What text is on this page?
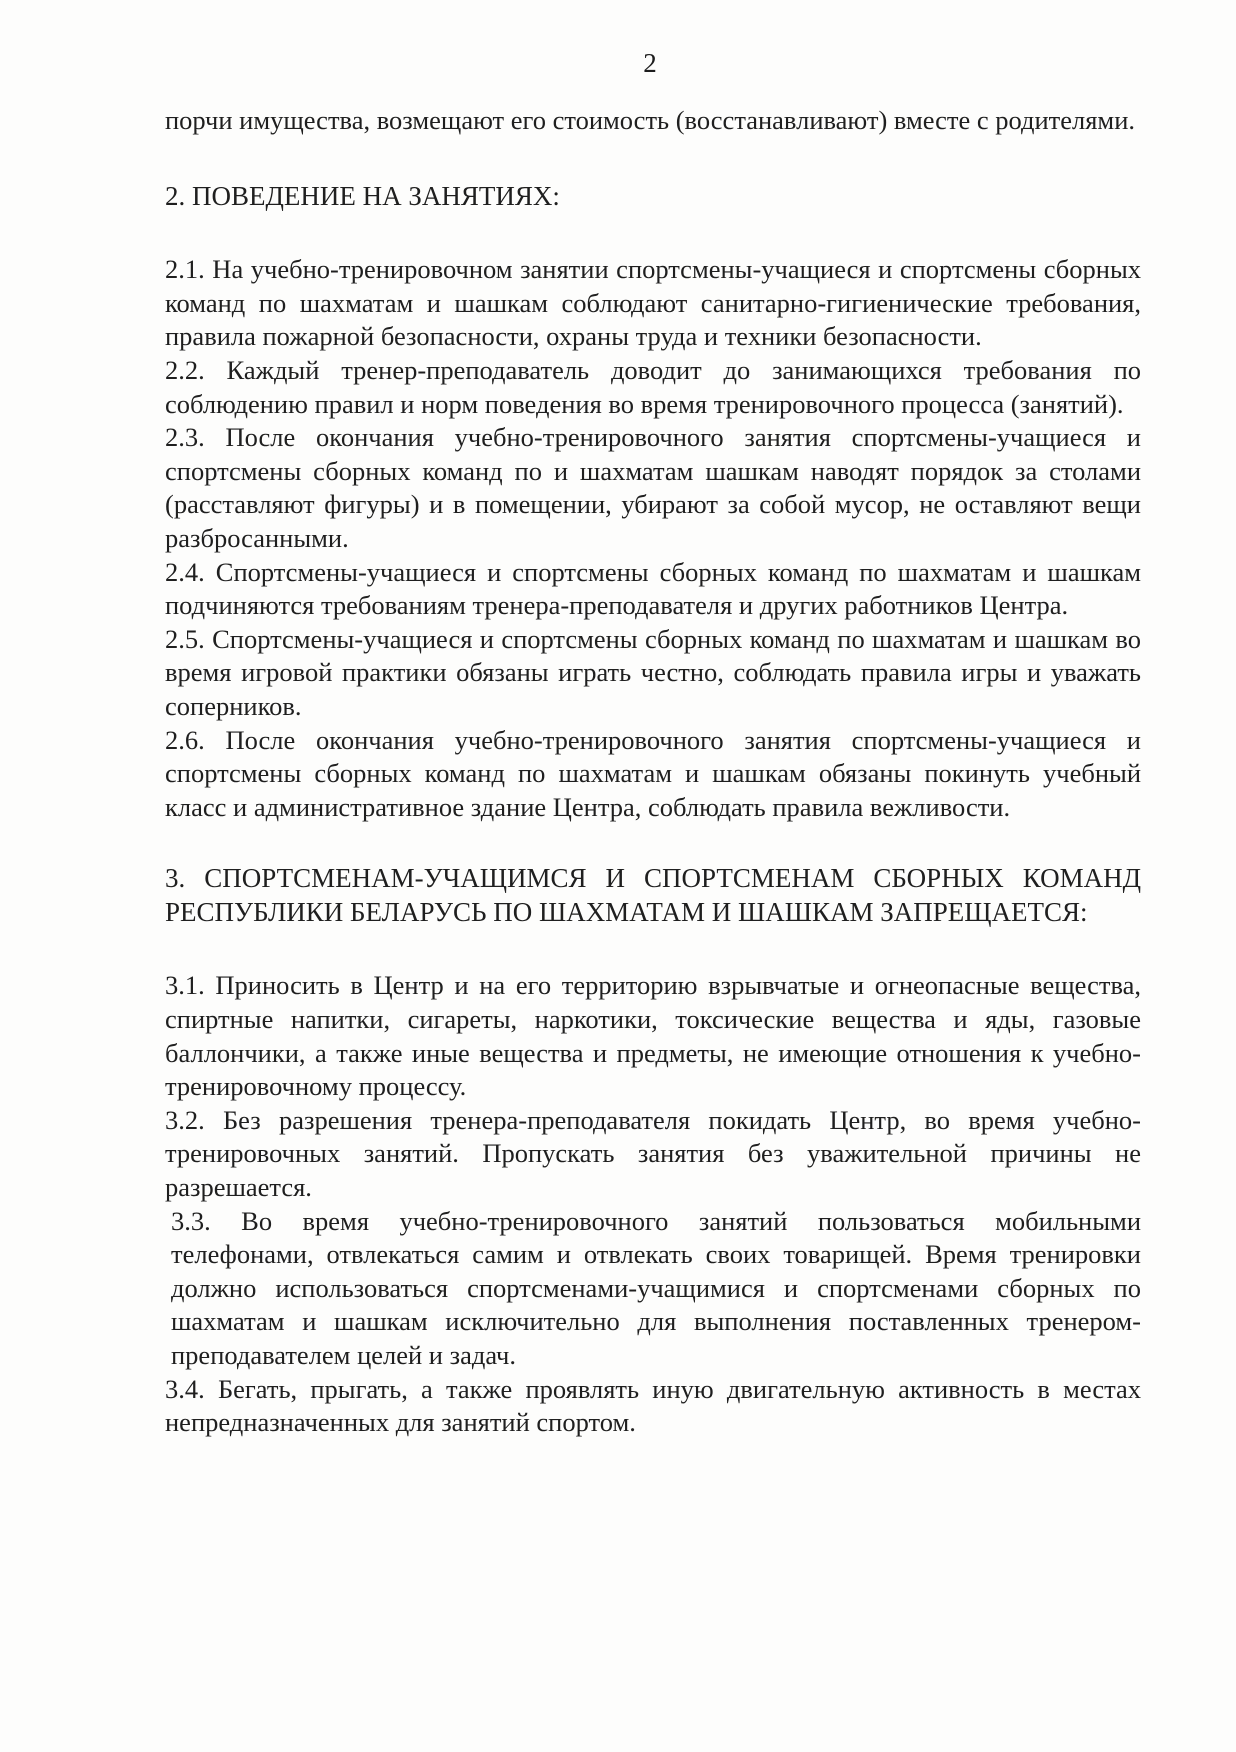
2

порчи имущества, возмещают его стоимость (восстанавливают) вместе с родителями.

2. ПОВЕДЕНИЕ НА ЗАНЯТИЯХ:

2.1. На учебно-тренировочном занятии спортсмены-учащиеся и спортсмены сборных команд по шахматам и шашкам соблюдают санитарно-гигиенические требования, правила пожарной безопасности, охраны труда и техники безопасности.

2.2. Каждый тренер-преподаватель доводит до занимающихся требования по соблюдению правил и норм поведения во время тренировочного процесса (занятий).

2.3. После окончания учебно-тренировочного занятия спортсмены-учащиеся и спортсмены сборных команд по и шахматам шашкам наводят порядок за столами (расставляют фигуры) и в помещении, убирают за собой мусор, не оставляют вещи разбросанными.

2.4. Спортсмены-учащиеся и спортсмены сборных команд по шахматам и шашкам подчиняются требованиям тренера-преподавателя и других работников Центра.

2.5. Спортсмены-учащиеся и спортсмены сборных команд по шахматам и шашкам во время игровой практики обязаны играть честно, соблюдать правила игры и уважать соперников.

2.6. После окончания учебно-тренировочного занятия спортсмены-учащиеся и спортсмены сборных команд по шахматам и шашкам обязаны покинуть учебный класс и административное здание Центра, соблюдать правила вежливости.

3. СПОРТСМЕНАМ-УЧАЩИМСЯ И СПОРТСМЕНАМ СБОРНЫХ КОМАНД РЕСПУБЛИКИ БЕЛАРУСЬ ПО ШАХМАТАМ И ШАШКАМ ЗАПРЕЩАЕТСЯ:

3.1. Приносить в Центр и на его территорию взрывчатые и огнеопасные вещества, спиртные напитки, сигареты, наркотики, токсические вещества и яды, газовые баллончики, а также иные вещества и предметы, не имеющие отношения к учебно-тренировочному процессу.

3.2. Без разрешения тренера-преподавателя покидать Центр, во время учебно-тренировочных занятий. Пропускать занятия без уважительной причины не разрешается.

3.3. Во время учебно-тренировочного занятий пользоваться мобильными телефонами, отвлекаться самим и отвлекать своих товарищей. Время тренировки должно использоваться спортсменами-учащимися и спортсменами сборных по шахматам и шашкам исключительно для выполнения поставленных тренером-преподавателем целей и задач.

3.4. Бегать, прыгать, а также проявлять иную двигательную активность в местах непредназначенных для занятий спортом.
